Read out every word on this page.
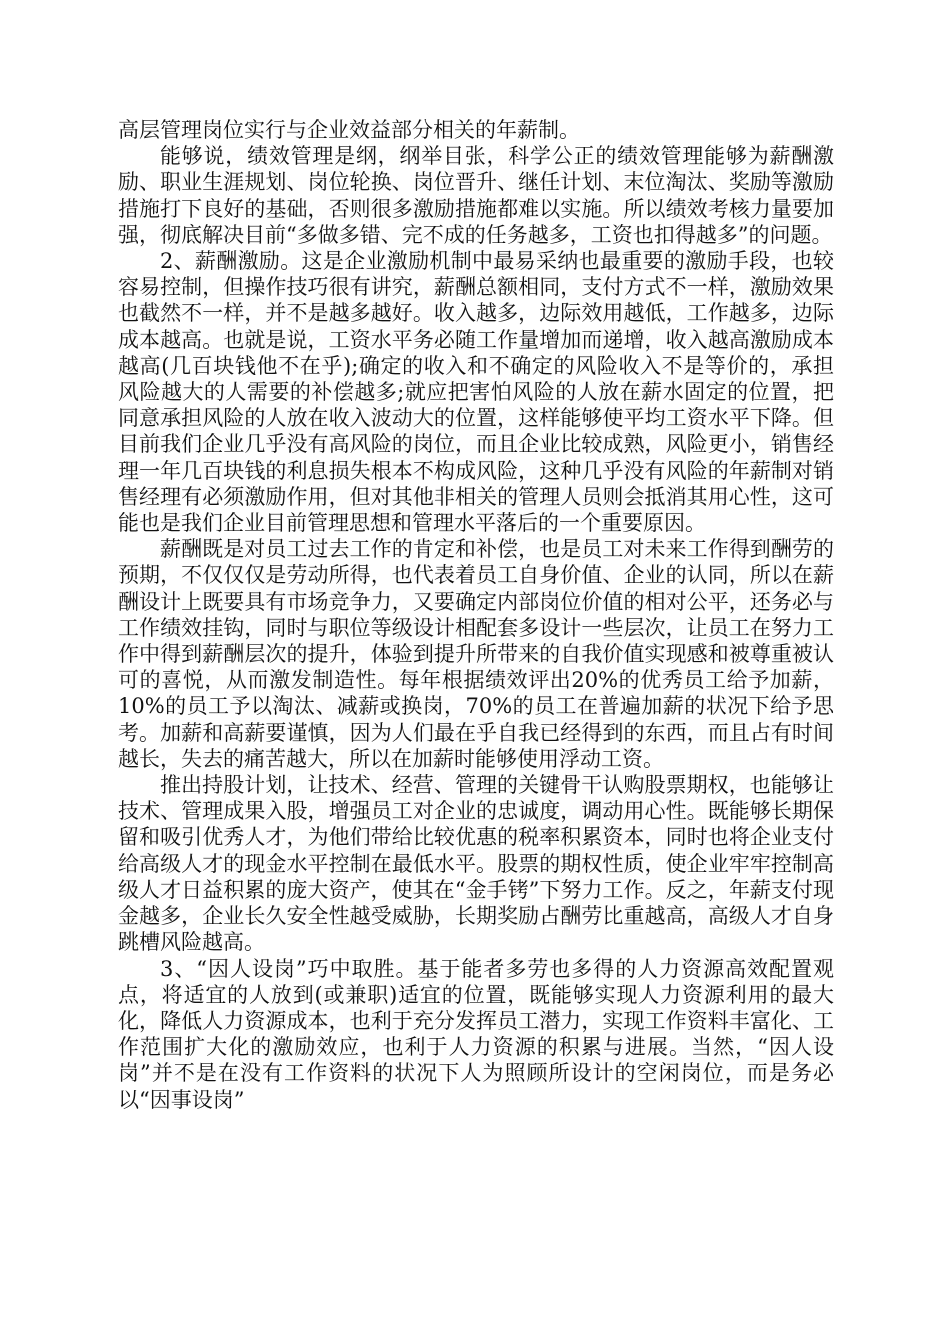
高层管理岗位实行与企业效益部分相关的年薪制。

能够说，绩效管理是纲，纲举目张，科学公正的绩效管理能够为薪酬激励、职业生涯规划、岗位轮换、岗位晋升、继任计划、末位淘汰、奖励等激励措施打下良好的基础，否则很多激励措施都难以实施。所以绩效考核力量要加强，彻底解决目前“多做多错、完不成的任务越多，工资也扣得越多”的问题。

2、薪酬激励。这是企业激励机制中最易采纳也最重要的激励手段，也较容易控制，但操作技巧很有讲究，薪酬总额相同，支付方式不一样，激励效果也截然不一样，并不是越多越好。收入越多，边际效用越低，工作越多，边际成本越高。也就是说，工资水平务必随工作量增加而递增，收入越高激励成本越高(几百块钱他不在乎);确定的收入和不确定的风险收入不是等价的，承担风险越大的人需要的补偿越多;就应把害怕风险的人放在薪水固定的位置，把同意承担风险的人放在收入波动大的位置，这样能够使平均工资水平下降。但目前我们企业几乎没有高风险的岗位，而且企业比较成熟，风险更小，销售经理一年几百块钱的利息损失根本不构成风险，这种几乎没有风险的年薪制对销售经理有必须激励作用，但对其他非相关的管理人员则会抵消其用心性，这可能也是我们企业目前管理思想和管理水平落后的一个重要原因。

薪酬既是对员工过去工作的肯定和补偿，也是员工对未来工作得到酬劳的预期，不仅仅仅是劳动所得，也代表着员工自身价值、企业的认同，所以在薪酬设计上既要具有市场竞争力，又要确定内部岗位价值的相对公平，还务必与工作绩效挂钩，同时与职位等级设计相配套多设计一些层次，让员工在努力工作中得到薪酬层次的提升，体验到提升所带来的自我价值实现感和被尊重被认可的喜悦，从而激发制造性。每年根据绩效评出20%的优秀员工给予加薪，10%的员工予以淘汰、减薪或换岗，70%的员工在普遍加薪的状况下给予思考。加薪和高薪要谨慎，因为人们最在乎自我已经得到的东西，而且占有时间越长，失去的痛苦越大，所以在加薪时能够使用浮动工资。

推出持股计划，让技术、经营、管理的关键骨干认购股票期权，也能够让技术、管理成果入股，增强员工对企业的忠诚度，调动用心性。既能够长期保留和吸引优秀人才，为他们带给比较优惠的税率积累资本，同时也将企业支付给高级人才的现金水平控制在最低水平。股票的期权性质，使企业牢牢控制高级人才日益积累的庞大资产，使其在“金手铐”下努力工作。反之，年薪支付现金越多，企业长久安全性越受威胁，长期奖励占酬劳比重越高，高级人才自身跳槽风险越高。

3、“因人设岗”巧中取胜。基于能者多劳也多得的人力资源高效配置观点，将适宜的人放到(或兼职)适宜的位置，既能够实现人力资源利用的最大化，降低人力资源成本，也利于充分发挥员工潜力，实现工作资料丰富化、工作范围扩大化的激励效应，也利于人力资源的积累与进展。当然，“因人设岗”并不是在没有工作资料的状况下人为照顾所设计的空闲岗位，而是务必以“因事设岗”
